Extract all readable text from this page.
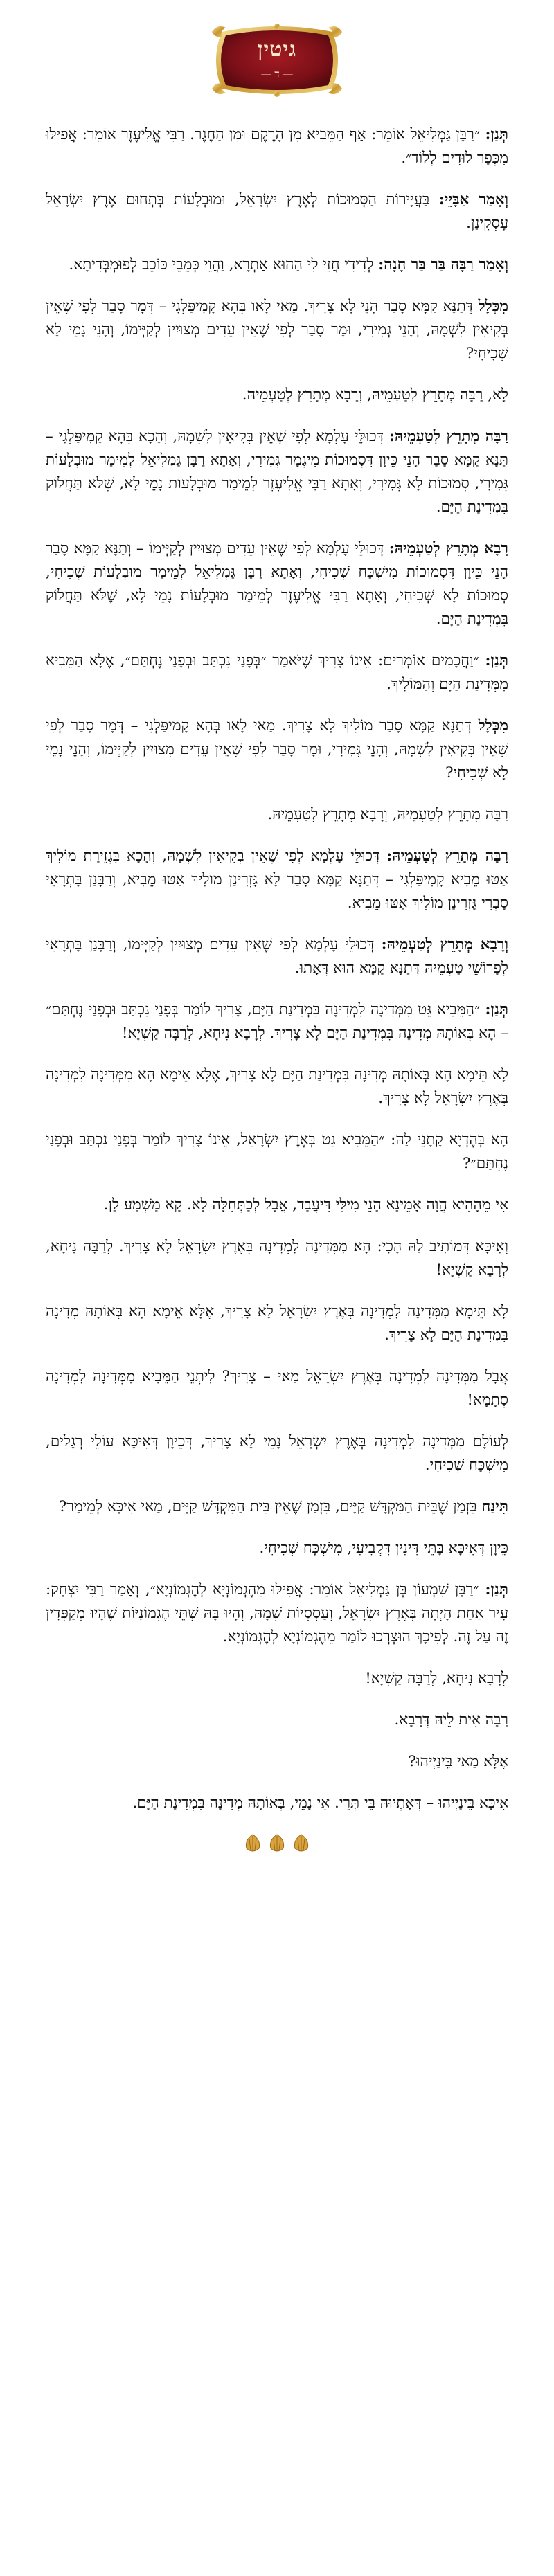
גיטין
— ד —

תְּנַן: ״רַבָּן גַּמְלִיאֵל אוֹמֵר: אַף הַמֵּבִיא מִן הָרֶקֶם וּמִן הַחֶגֶר. רַבִּי אֱלִיעֶזֶר אוֹמֵר: אֲפִילּוּ מִכְּפַר לוּדִים לְלוֹד״.

וְאָמַר אַבָּיֵי: בַּעֲיָירוֹת הַסְּמוּכוֹת לְאֶרֶץ יִשְׂרָאֵל, וּמוּבְלָעוֹת בְּתְחוּם אֶרֶץ יִשְׂרָאֵל עָסְקִינַן.

וְאָמַר רַבָּה בַּר בַּר חָנָה: לְדִידִי חֲזֵי לִי הַהוּא אַתְרָא, וַהֲוֵי כְּמֵבֵי כּוֹכֵב לְפוּמְבְּדִיתָא.

מִכְּלָל דְּתַנָּא קַמָּא סָבַר הָנֵי לָא צָרִיךְ. מַאי לָאו בְּהָא קָמִיפַּלְגִי – דְּמָר סָבַר לְפִי שֶׁאֵין בְּקִיאִין לִשְׁמָהּ, וְהָנֵי גְּמִירִי, וּמָר סָבַר לְפִי שֶׁאֵין עֵדִים מְצוּיִין לְקַיְּימוֹ, וְהָנֵי נָמֵי לָא שְׁכִיחִי?

לָא, רַבָּה מְתָרֵץ לְטַעְמֵיהּ, וְרָבָא מְתָרֵץ לְטַעְמֵיהּ.

רַבָּה מְתָרֵץ לְטַעְמֵיהּ: דְּכוּלֵּי עָלְמָא לְפִי שֶׁאֵין בְּקִיאִין לִשְׁמָהּ, וְהָכָא בְּהָא קָמִיפַּלְגִי – תַּנָּא קַמָּא סָבַר הָנֵי כֵּיוָן דִּסְמוּכוֹת מִיגְמָר גְּמִירִי, וְאָתָא רַבָּן גַּמְלִיאֵל לְמֵימַר מוּבְלָעוֹת גְּמִירִי, סְמוּכוֹת לָא גְּמִירִי, וְאָתָא רַבִּי אֱלִיעֶזֶר לְמֵימַר מוּבְלָעוֹת נָמֵי לָא, שֶׁלֹּא תַּחֲלוֹק בִּמְדִינַת הַיָּם.

רָבָא מְתָרֵץ לְטַעְמֵיהּ: דְּכוּלֵּי עָלְמָא לְפִי שֶׁאֵין עֵדִים מְצוּיִין לְקַיְּימוֹ – וְתַנָּא קַמָּא סָבַר הָנֵי כֵּיוָן דִּסְמוּכוֹת מִישְׁכָּח שְׁכִיחִי, וְאָתָא רַבָּן גַּמְלִיאֵל לְמֵימַר מוּבְלָעוֹת שְׁכִיחִי, סְמוּכוֹת לָא שְׁכִיחִי, וְאָתָא רַבִּי אֱלִיעֶזֶר לְמֵימַר מוּבְלָעוֹת נָמֵי לָא, שֶׁלֹּא תַּחֲלוֹק בִּמְדִינַת הַיָּם.

תְּנַן: ״וַחֲכָמִים אוֹמְרִים: אֵינוֹ צָרִיךְ שֶׁיֹּאמַר ״בְּפָנַי נִכְתַּב וּבְפָנַי נֶחְתַּם״, אֶלָּא הַמֵּבִיא מִמְּדִינַת הַיָּם וְהַמּוֹלִיךְ.

מִכְּלָל דְּתַנָּא קַמָּא סָבַר מוֹלִיךְ לָא צָרִיךְ. מַאי לָאו בְּהָא קָמִיפַּלְגִי – דְּמָר סָבַר לְפִי שֶׁאֵין בְּקִיאִין לִשְׁמָהּ, וְהָנֵי גְּמִירִי, וּמָר סָבַר לְפִי שֶׁאֵין עֵדִים מְצוּיִין לְקַיְּימוֹ, וְהָנֵי נָמֵי לָא שְׁכִיחִי?

רַבָּה מְתָרֵץ לְטַעְמֵיהּ, וְרָבָא מְתָרֵץ לְטַעְמֵיהּ.

רַבָּה מְתָרֵץ לְטַעְמֵיהּ: דְּכוּלֵּי עָלְמָא לְפִי שֶׁאֵין בְּקִיאִין לִשְׁמָהּ, וְהָכָא בִּגְזֵירַת מוֹלִיךְ אַטּוּ מֵבִיא קָמִיפַּלְגִי – דְּתַנָּא קַמָּא סָבַר לָא גָּזְרִינַן מוֹלִיךְ אַטּוּ מֵבִיא, וְרַבָּנַן בָּתְרָאֵי סָבְרִי גָּזְרִינַן מוֹלִיךְ אַטּוּ מֵבִיא.

וְרָבָא מְתָרֵץ לְטַעְמֵיהּ: דְּכוּלֵּי עָלְמָא לְפִי שֶׁאֵין עֵדִים מְצוּיִין לְקַיְּימוֹ, וְרַבָּנַן בָּתְרָאֵי לְפָרוֹשֵׁי טַעְמֵיהּ דְּתַנָּא קַמָּא הוּא דְּאָתוּ.

תְּנַן: ״הַמֵּבִיא גֵּט מִמְּדִינָה לִמְדִינָה בִּמְדִינַת הַיָּם, צָרִיךְ לוֹמַר בְּפָנַי נִכְתַּב וּבְפָנַי נֶחְתַּם״ – הָא בְּאוֹתָהּ מְדִינָה בִּמְדִינַת הַיָּם לָא צָרִיךְ. לְרָבָא נִיחָא, לְרַבָּה קַשְׁיָא!

לָא תֵּימָא הָא בְּאוֹתָהּ מְדִינָה בִּמְדִינַת הַיָּם לָא צָרִיךְ, אֶלָּא אֵימָא הָא מִמְּדִינָה לִמְדִינָה בְּאֶרֶץ יִשְׂרָאֵל לָא צָרִיךְ.

הָא בְּהֶדְיָא קָתָנֵי לַהּ: ״הַמֵּבִיא גֵּט בְּאֶרֶץ יִשְׂרָאֵל, אֵינוֹ צָרִיךְ לוֹמַר בְּפָנַי נִכְתַּב וּבְפָנַי נֶחְתַּם״?

אִי מֵהָהִיא הֲוָה אָמֵינָא הָנֵי מִילֵּי דִּיעֲבַד, אֲבָל לְכַתְּחִלָּה לָא. קָא מַשְׁמַע לַן.

וְאִיכָּא דְּמוֹתִיב לַהּ הָכִי: הָא מִמְּדִינָה לִמְדִינָה בְּאֶרֶץ יִשְׂרָאֵל לָא צָרִיךְ. לְרַבָּה נִיחָא, לְרָבָא קַשְׁיָא!

לָא תֵּימָא מִמְּדִינָה לִמְדִינָה בְּאֶרֶץ יִשְׂרָאֵל לָא צָרִיךְ, אֶלָּא אֵימָא הָא בְּאוֹתָהּ מְדִינָה בִּמְדִינַת הַיָּם לָא צָרִיךְ.

אֲבָל מִמְּדִינָה לִמְדִינָה בְּאֶרֶץ יִשְׂרָאֵל מַאי – צָרִיךְ? לִיתְנֵי הַמֵּבִיא מִמְּדִינָה לִמְדִינָה סְתָמָא!

לְעוֹלָם מִמְּדִינָה לִמְדִינָה בְּאֶרֶץ יִשְׂרָאֵל נָמֵי לָא צָרִיךְ, דְּכֵיוָן דְּאִיכָּא עוֹלֵי רְגָלִים, מִישְׁכָּח שְׁכִיחִי.

תִּינַח בִּזְמַן שֶׁבֵּית הַמִּקְדָּשׁ קַיָּים, בִּזְמַן שֶׁאֵין בֵּית הַמִּקְדָּשׁ קַיָּים, מַאי אִיכָּא לְמֵימַר?

כֵּיוָן דְּאִיכָּא בָּתֵּי דִּינִין דִּקְבִיעִי, מִישְׁכָּח שְׁכִיחִי.

תְּנַן: ״רַבָּן שִׁמְעוֹן בֶּן גַּמְלִיאֵל אוֹמֵר: אֲפִילּוּ מֵהֶגְמוֹנְיָא לְהֶגְמוֹנְיָא״, וְאָמַר רַבִּי יִצְחָק: עִיר אַחַת הָיְתָה בְּאֶרֶץ יִשְׂרָאֵל, וְעַסְסְיוֹת שְׁמָהּ, וְהָיוּ בָּהּ שְׁתֵּי הֶגְמוֹנִיּוֹת שֶׁהָיוּ מְקַפְּדִין זֶה עַל זֶה. לְפִיכָךְ הוּצְרְכוּ לוֹמַר מֵהֶגְמוֹנְיָא לְהֶגְמוֹנְיָא.

לְרָבָא נִיחָא, לְרַבָּה קַשְׁיָא!

רַבָּה אִית לֵיהּ דְּרָבָא.

אֶלָּא מַאי בֵּינַיְיהוּ?

אִיכָּא בֵּינַיְיהוּ – דְּאָתְיוּהּ בֵּי תְּרֵי. אִי נָמֵי, בְּאוֹתָהּ מְדִינָה בִּמְדִינַת הַיָּם.
